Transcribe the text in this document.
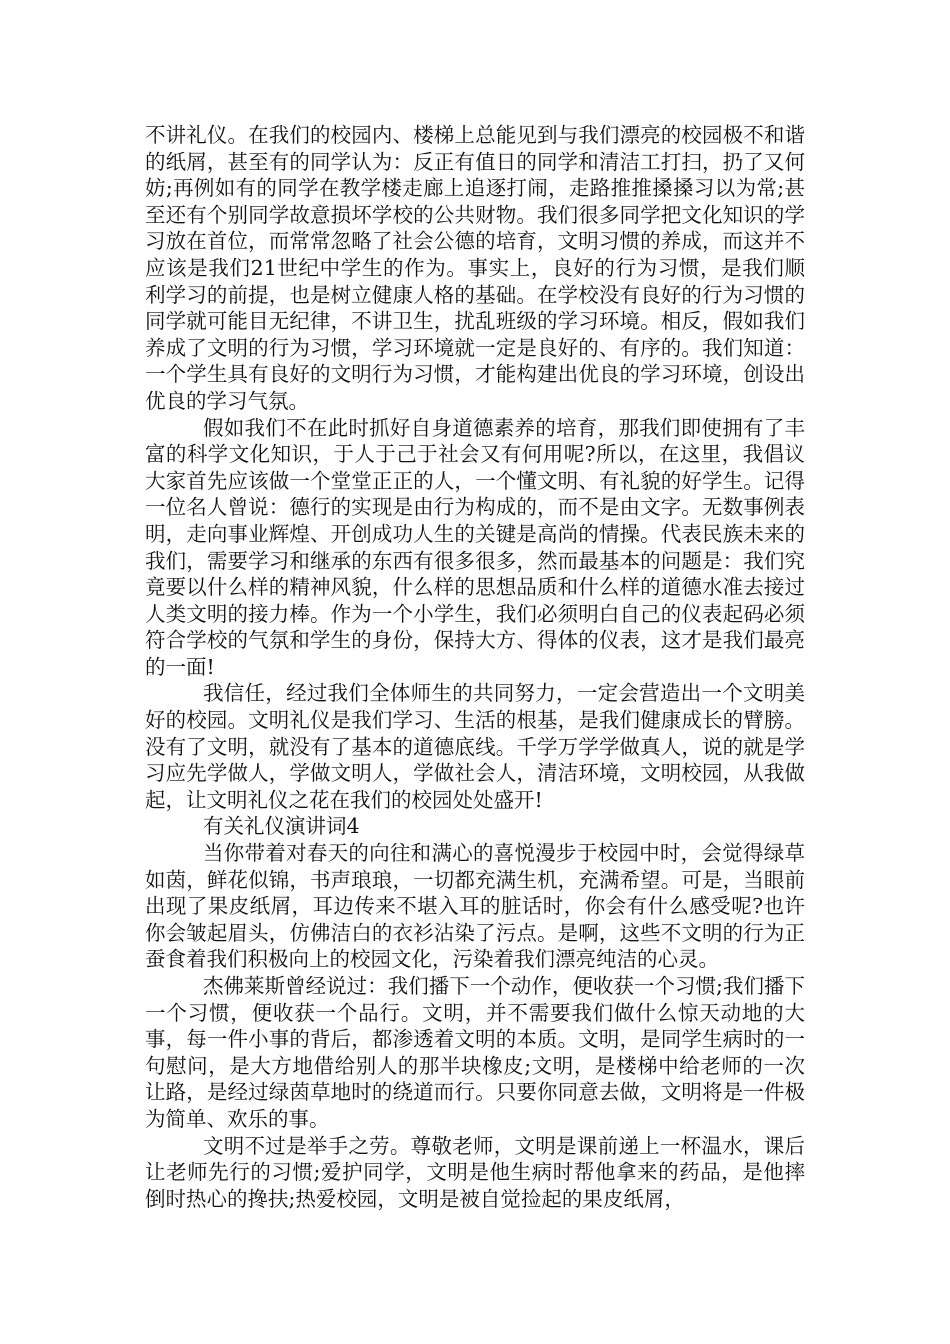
不讲礼仪。在我们的校园内、楼梯上总能见到与我们漂亮的校园极不和谐的纸屑，甚至有的同学认为：反正有值日的同学和清洁工打扫，扔了又何妨;再例如有的同学在教学楼走廊上追逐打闹，走路推推搡搡习以为常;甚至还有个别同学故意损坏学校的公共财物。我们很多同学把文化知识的学习放在首位，而常常忽略了社会公德的培育，文明习惯的养成，而这并不应该是我们21世纪中学生的作为。事实上，良好的行为习惯，是我们顺利学习的前提，也是树立健康人格的基础。在学校没有良好的行为习惯的同学就可能目无纪律，不讲卫生，扰乱班级的学习环境。相反，假如我们养成了文明的行为习惯，学习环境就一定是良好的、有序的。我们知道：一个学生具有良好的文明行为习惯，才能构建出优良的学习环境，创设出优良的学习气氛。

假如我们不在此时抓好自身道德素养的培育，那我们即使拥有了丰富的科学文化知识，于人于己于社会又有何用呢?所以，在这里，我倡议大家首先应该做一个堂堂正正的人，一个懂文明、有礼貌的好学生。记得一位名人曾说：德行的实现是由行为构成的，而不是由文字。无数事例表明，走向事业辉煌、开创成功人生的关键是高尚的情操。代表民族未来的我们，需要学习和继承的东西有很多很多，然而最基本的问题是：我们究竟要以什么样的精神风貌，什么样的思想品质和什么样的道德水准去接过人类文明的接力棒。作为一个小学生，我们必须明白自己的仪表起码必须符合学校的气氛和学生的身份，保持大方、得体的仪表，这才是我们最亮的一面!

我信任，经过我们全体师生的共同努力，一定会营造出一个文明美好的校园。文明礼仪是我们学习、生活的根基，是我们健康成长的臂膀。没有了文明，就没有了基本的道德底线。千学万学学做真人，说的就是学习应先学做人，学做文明人，学做社会人，清洁环境，文明校园，从我做起，让文明礼仪之花在我们的校园处处盛开!

有关礼仪演讲词4

当你带着对春天的向往和满心的喜悦漫步于校园中时，会觉得绿草如茵，鲜花似锦，书声琅琅，一切都充满生机，充满希望。可是，当眼前出现了果皮纸屑，耳边传来不堪入耳的脏话时，你会有什么感受呢?也许你会皱起眉头，仿佛洁白的衣衫沾染了污点。是啊，这些不文明的行为正蚕食着我们积极向上的校园文化，污染着我们漂亮纯洁的心灵。

杰佛莱斯曾经说过：我们播下一个动作，便收获一个习惯;我们播下一个习惯，便收获一个品行。文明，并不需要我们做什么惊天动地的大事，每一件小事的背后，都渗透着文明的本质。文明，是同学生病时的一句慰问，是大方地借给别人的那半块橡皮;文明，是楼梯中给老师的一次让路，是经过绿茵草地时的绕道而行。只要你同意去做，文明将是一件极为简单、欢乐的事。

文明不过是举手之劳。尊敬老师，文明是课前递上一杯温水，课后让老师先行的习惯;爱护同学，文明是他生病时帮他拿来的药品，是他摔倒时热心的搀扶;热爱校园，文明是被自觉捡起的果皮纸屑，
